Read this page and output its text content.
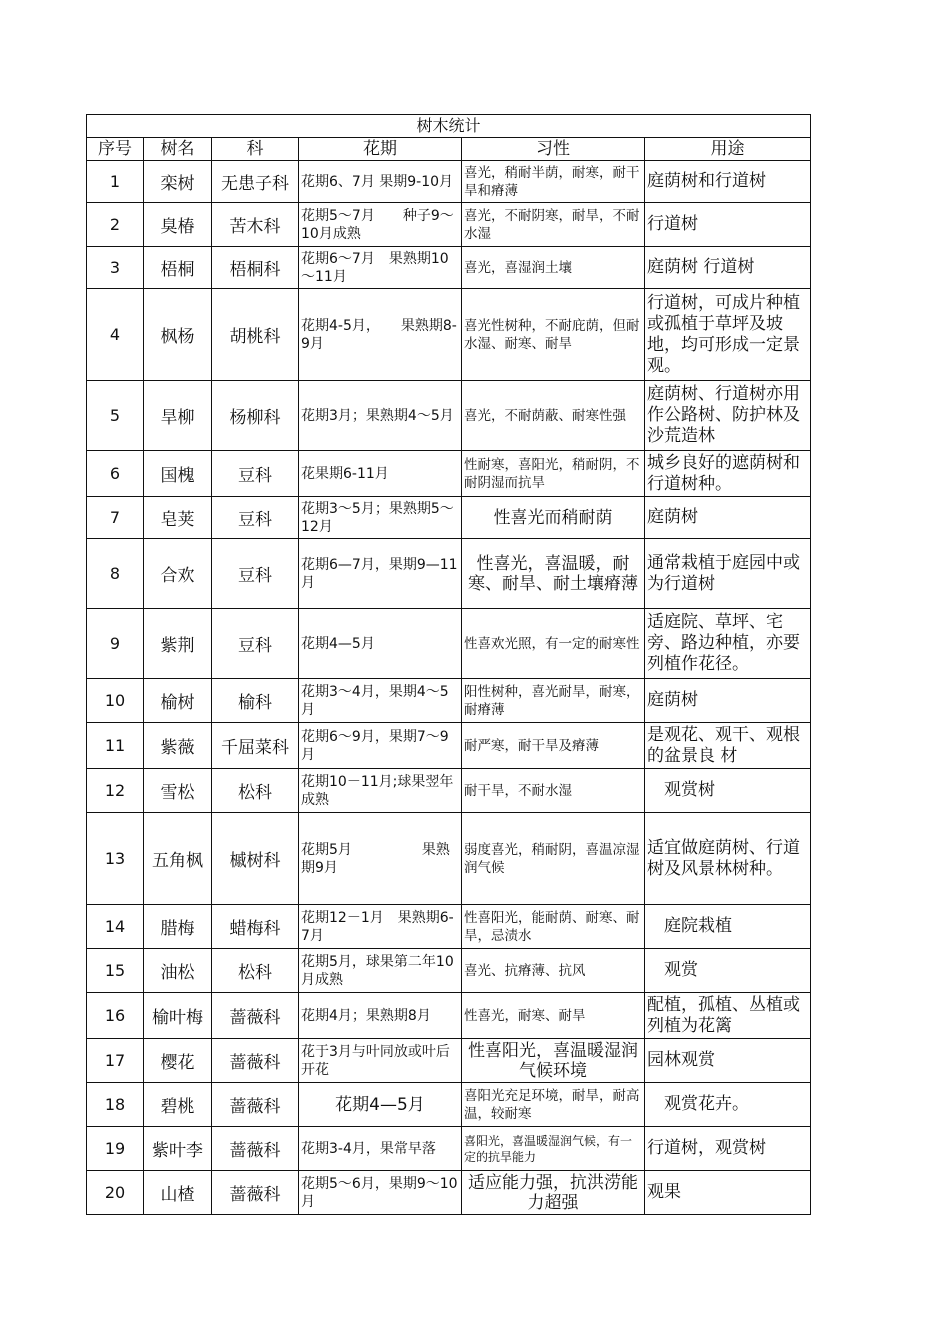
树木统计					
序号	树名	科	花期	习性	用途
1	栾树	无患子科	花期6、7月 果期9-10月	喜光，稍耐半荫，耐寒，耐干旱和瘠薄	庭荫树和行道树
2	臭椿	苦木科	花期5～7月　　种子9～10月成熟	喜光，不耐阴寒，耐旱，不耐水湿	行道树
3	梧桐	梧桐科	花期6～7月　果熟期10～11月	喜光，喜湿润土壤	庭荫树 行道树
4	枫杨	胡桃科	花期4-5月，　　果熟期8-9月	喜光性树种，不耐庇荫，但耐水湿、耐寒、耐旱	行道树，可成片种植或孤植于草坪及坡地，均可形成一定景观。
5	旱柳	杨柳科	花期3月；果熟期4～5月	喜光，不耐荫蔽、耐寒性强	庭荫树、行道树亦用作公路树、防护林及沙荒造林
6	国槐	豆科	花果期6-11月	性耐寒，喜阳光，稍耐阴，不耐阴湿而抗旱	城乡良好的遮荫树和行道树种。
7	皂荚	豆科	花期3～5月；果熟期5～12月	性喜光而稍耐荫	庭荫树
8	合欢	豆科	花期6—7月，果期9—11月	性喜光，喜温暖，耐寒、耐旱、耐土壤瘠薄	通常栽植于庭园中或为行道树
9	紫荆	豆科	花期4—5月	性喜欢光照，有一定的耐寒性	适庭院、草坪、宅旁、路边种植，亦要列植作花径。
10	榆树	榆科	花期3～4月，果期4～5月	阳性树种，喜光耐旱，耐寒，耐瘠薄	庭荫树
11	紫薇	千屈菜科	花期6～9月，果期7～9月	耐严寒，耐干旱及瘠薄	是观花、观干、观根的盆景良 材
12	雪松	松科	花期10－11月;球果翌年成熟	耐干旱，不耐水湿	　观赏树
13	五角枫	槭树科	花期5月　　　　　果熟期9月	弱度喜光，稍耐阴，喜温凉湿润气候	适宜做庭荫树、行道树及风景林树种。
14	腊梅	蜡梅科	花期12－1月　果熟期6-7月	性喜阳光，能耐荫、耐寒、耐旱，忌渍水	　庭院栽植
15	油松	松科	花期5月，球果第二年10月成熟	喜光、抗瘠薄、抗风	　观赏
16	榆叶梅	蔷薇科	花期4月；果熟期8月	性喜光，耐寒、耐旱	配植，孤植、丛植或列植为花篱
17	樱花	蔷薇科	花于3月与叶同放或叶后开花	性喜阳光，喜温暖湿润气候环境	园林观赏
18	碧桃	蔷薇科	花期4—5月	喜阳光充足环境，耐旱，耐高温，较耐寒	　观赏花卉。
19	紫叶李	蔷薇科	花期3-4月，果常早落	喜阳光，喜温暖湿润气候，有一定的抗旱能力	行道树，观赏树
20	山楂	蔷薇科	花期5～6月，果期9～10月	适应能力强，抗洪涝能力超强	观果
